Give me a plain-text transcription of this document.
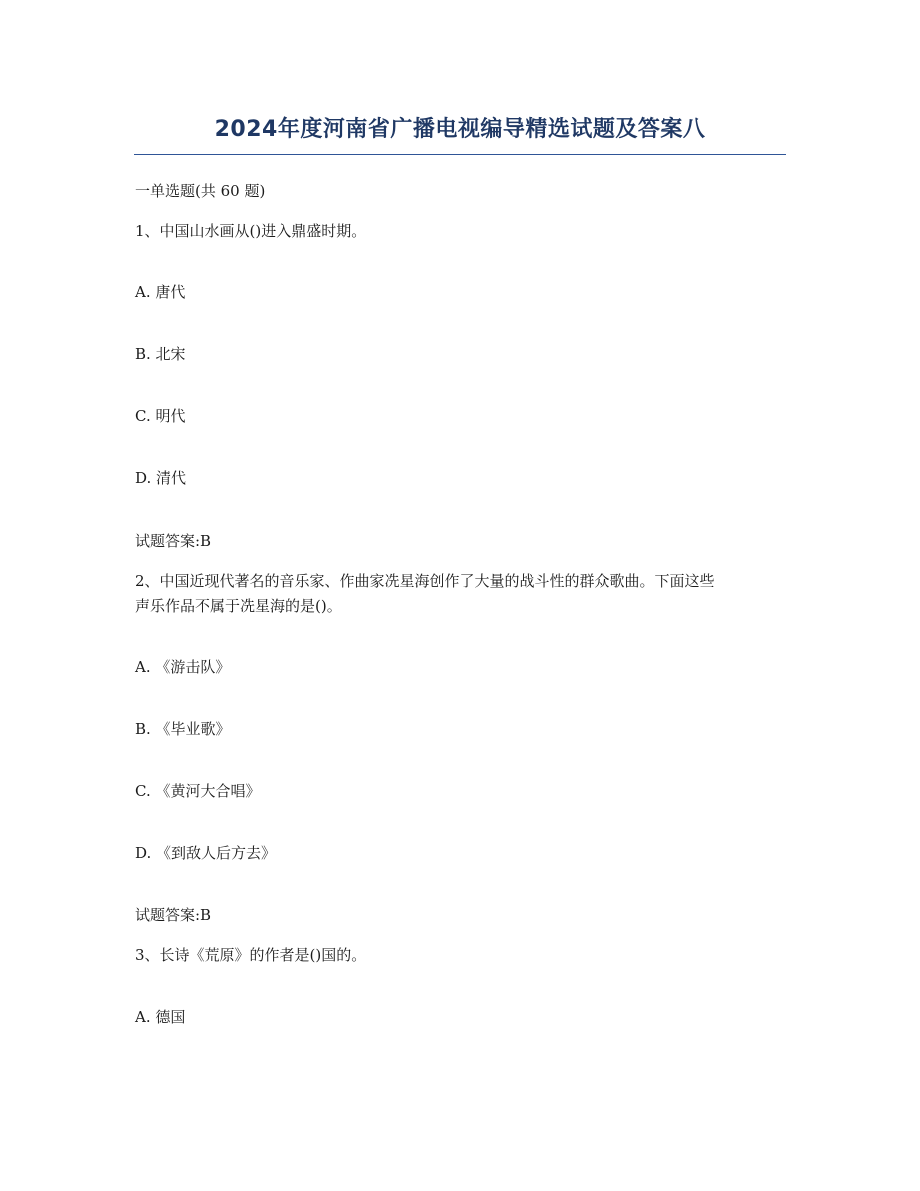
2024年度河南省广播电视编导精选试题及答案八
一单选题(共 60 题)
1、中国山水画从()进入鼎盛时期。
A. 唐代
B. 北宋
C. 明代
D. 清代
试题答案:B
2、中国近现代著名的音乐家、作曲家冼星海创作了大量的战斗性的群众歌曲。下面这些
声乐作品不属于冼星海的是()。
A. 《游击队》
B. 《毕业歌》
C. 《黄河大合唱》
D. 《到敌人后方去》
试题答案:B
3、长诗《荒原》的作者是()国的。
A. 德国
